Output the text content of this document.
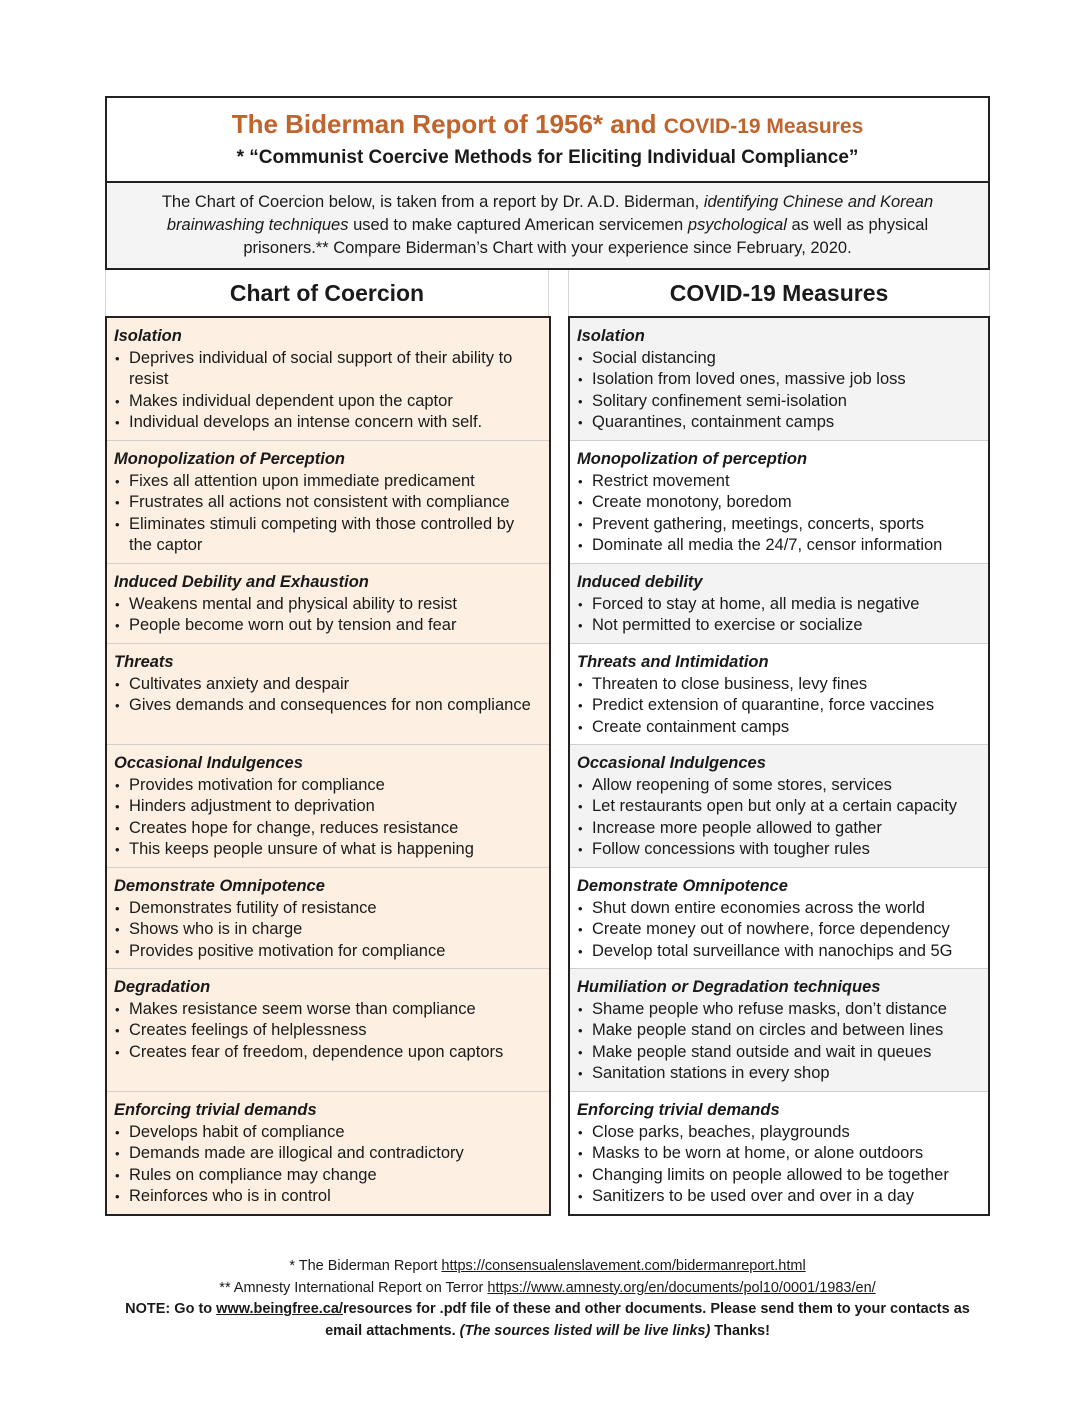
The Biderman Report of 1956* and COVID-19 Measures
* “Communist Coercive Methods for Eliciting Individual Compliance”
The Chart of Coercion below, is taken from a report by Dr. A.D. Biderman, identifying Chinese and Korean brainwashing techniques used to make captured American servicemen psychological as well as physical prisoners.** Compare Biderman’s Chart with your experience since February, 2020.
Chart of Coercion	COVID-19 Measures
Isolation
• Deprives individual of social support of their ability to resist
• Makes individual dependent upon the captor
• Individual develops an intense concern with self.
Monopolization of Perception
• Fixes all attention upon immediate predicament
• Frustrates all actions not consistent with compliance
• Eliminates stimuli competing with those controlled by the captor
Induced Debility and Exhaustion
• Weakens mental and physical ability to resist
• People become worn out by tension and fear
Threats
• Cultivates anxiety and despair
• Gives demands and consequences for non compliance
Occasional Indulgences
• Provides motivation for compliance
• Hinders adjustment to deprivation
• Creates hope for change, reduces resistance
• This keeps people unsure of what is happening
Demonstrate Omnipotence
• Demonstrates futility of resistance
• Shows who is in charge
• Provides positive motivation for compliance
Degradation
• Makes resistance seem worse than compliance
• Creates feelings of helplessness
• Creates fear of freedom, dependence upon captors
Enforcing trivial demands
• Develops habit of compliance
• Demands made are illogical and contradictory
• Rules on compliance may change
• Reinforces who is in control
Isolation
• Social distancing
• Isolation from loved ones, massive job loss
• Solitary confinement semi-isolation
• Quarantines, containment camps
Monopolization of perception
• Restrict movement
• Create monotony, boredom
• Prevent gathering, meetings, concerts, sports
• Dominate all media the 24/7, censor information
Induced debility
• Forced to stay at home, all media is negative
• Not permitted to exercise or socialize
Threats and Intimidation
• Threaten to close business, levy fines
• Predict extension of quarantine, force vaccines
• Create containment camps
Occasional Indulgences
• Allow reopening of some stores, services
• Let restaurants open but only at a certain capacity
• Increase more people allowed to gather
• Follow concessions with tougher rules
Demonstrate Omnipotence
• Shut down entire economies across the world
• Create money out of nowhere, force dependency
• Develop total surveillance with nanochips and 5G
Humiliation or Degradation techniques
• Shame people who refuse masks, don’t distance
• Make people stand on circles and between lines
• Make people stand outside and wait in queues
• Sanitation stations in every shop
Enforcing trivial demands
• Close parks, beaches, playgrounds
• Masks to be worn at home, or alone outdoors
• Changing limits on people allowed to be together
• Sanitizers to be used over and over in a day
* The Biderman Report https://consensualenslavement.com/bidermanreport.html
** Amnesty International Report on Terror https://www.amnesty.org/en/documents/pol10/0001/1983/en/
NOTE: Go to www.beingfree.ca/resources for .pdf file of these and other documents. Please send them to your contacts as email attachments. (The sources listed will be live links) Thanks!
